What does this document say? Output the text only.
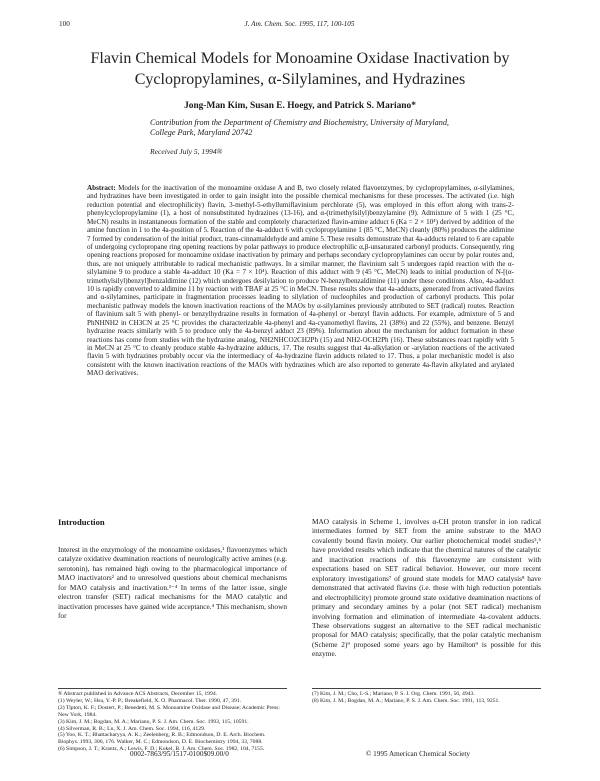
100	J. Am. Chem. Soc. 1995, 117, 100-105
Flavin Chemical Models for Monoamine Oxidase Inactivation by Cyclopropylamines, α-Silylamines, and Hydrazines
Jong-Man Kim, Susan E. Hoegy, and Patrick S. Mariano*
Contribution from the Department of Chemistry and Biochemistry, University of Maryland, College Park, Maryland 20742
Received July 5, 1994®
Abstract: Models for the inactivation of the monoamine oxidase A and B, two closely related flavoenzymes, by cyclopropylamines, α-silylamines, and hydrazines have been investigated in order to gain insight into the possible chemical mechanisms for these processes. The activated (i.e. high reduction potential and electrophilicity) flavin, 3-methyl-5-ethyllumiflavinium perchlorate (5), was employed in this effort along with trans-2-phenylcyclopropylamine (1), a host of nonsubstituted hydrazines (13-16), and α-(trimethylsilyl)benzylamine (9). Admixture of 5 with 1 (25 °C, MeCN) results in instantaneous formation of the stable and completely characterized flavin-amine adduct 6 (Ka = 2 × 10⁴) derived by addition of the amine function in 1 to the 4a-position of 5. Reaction of the 4a-adduct 6 with cyclopropylamine 1 (85 °C, MeCN) cleanly (80%) produces the aldimine 7 formed by condensation of the initial product, trans-cinnamaldehyde and amine 5. These results demonstrate that 4a-adducts related to 6 are capable of undergoing cyclopropane ring opening reactions by polar pathways to produce electrophilic α,β-unsaturated carbonyl products. Consequently, ring opening reactions proposed for monoamine oxidase inactivation by primary and perhaps secondary cyclopropylamines can occur by polar routes and, thus, are not uniquely attributable to radical mechanistic pathways. In a similar manner, the flavinium salt 5 undergoes rapid reaction with the α-silylamine 9 to produce a stable 4a-adduct 10 (Ka = 7 × 10⁴). Reaction of this adduct with 9 (45 °C, MeCN) leads to initial production of N-[(α-trimethylsilyl)benzyl]benzaldimine (12) which undergoes desilylation to produce N-benzylbenzaldimine (11) under these conditions. Also, 4a-adduct 10 is rapidly converted to aldimine 11 by reaction with TBAF at 25 °C in MeCN. These results show that 4a-adducts, generated from activated flavins and α-silylamines, participate in fragmentation processes leading to silylation of nucleophiles and production of carbonyl products. This polar mechanistic pathway models the known inactivation reactions of the MAOs by α-silylamines previously attributed to SET (radical) routes. Reaction of flavinium salt 5 with phenyl- or benzylhydrazine results in formation of 4a-phenyl or -benzyl flavin adducts. For example, admixture of 5 and PhNHNH2 in CH3CN at 25 °C provides the characterizable 4a-phenyl and 4a-cyanomethyl flavins, 21 (38%) and 22 (55%), and benzene. Benzyl hydrazine reacts similarly with 5 to produce only the 4a-benzyl adduct 23 (89%). Information about the mechanism for adduct formation in these reactions has come from studies with the hydrazine analog, NH2NHCO2CH2Ph (15) and NH2-OCH2Ph (16). These substances react rapidly with 5 in MeCN at 25 °C to cleanly produce stable 4a-hydrazine adducts, 17. The results suggest that 4a-alkylation or -arylation reactions of the activated flavin 5 with hydrazines probably occur via the intermediacy of 4a-hydrazine flavin adducts related to 17. Thus, a polar mechanistic model is also consistent with the known inactivation reactions of the MAOs with hydrazines which are also reported to generate 4a-flavin alkylated and arylated MAO derivatives.
Introduction

Interest in the enzymology of the monoamine oxidases,¹ flavoenzymes which catalyze oxidative deamination reactions of neurologically active amines (e.g. serotonin), has remained high owing to the pharmacological importance of MAO inactivators² and to unresolved questions about chemical mechanisms for MAO catalysis and inactivation.²⁻⁴ In terms of the latter issue, single electron transfer (SET) radical mechanisms for the MAO catalytic and inactivation processes have gained wide acceptance.⁴ This mechanism, shown for

MAO catalysis in Scheme 1, involves α-CH proton transfer in ion radical intermediates formed by SET from the amine substrate to the MAO covalently bound flavin moiety. Our earlier photochemical model studies⁵,⁶ have provided results which indicate that the chemical natures of the catalytic and inactivation reactions of this flavoenzyme are consistent with expectations based on SET radical behavior. However, our more recent exploratory investigations⁷ of ground state models for MAO catalysis⁸ have demonstrated that activated flavins (i.e. those with high reduction potentials and electrophilicity) promote ground state oxidative deamination reactions of primary and secondary amines by a polar (not SET radical) mechanism involving formation and elimination of intermediate 4a-covalent adducts. These observations suggest an alternative to the SET radical mechanistic proposal for MAO catalysis; specifically, that the polar catalytic mechanism (Scheme 2)⁹ proposed some years ago by Hamilton⁹ is possible for this enzyme.

® Abstract published in Advance ACS Abstracts, December 15, 1994.

(1) Weyler, W.; Hsu, Y.-P. P.; Breakefield, X. O. Pharmacol. Ther. 1990, 47, 391.

(2) Tipton, K. F.; Dostert, P.; Benedetti, M. S. Monoamine Oxidase and Disease; Academic Press: New York, 1984.

(3) Kim, J. M.; Bogdan, M. A.; Mariano, P. S. J. Am. Chem. Soc. 1993, 115, 10591.

(4) Silverman, R. B.; Lu, X. J. Am. Chem. Soc. 1994, 116, 4129.

(5) Yoo, K. T.; Bhattacharyya, A. K.; Zeelenberg, R. B.; Edmondson, D. E. Arch. Biochem. Biophys. 1993, 306, 176. Walker, M. C.; Edmondson, D. E. Biochemistry 1994, 33, 7088.

(6) Simpson, J. T.; Krantz, A.; Lewis, F. D.; Kokel, B. J. Am. Chem. Soc. 1982, 104, 7155.

(7) Kim, J. M.; Cho, I.-S.; Mariano, P. S. J. Org. Chem. 1991, 56, 4943.

(8) Kim, J. M.; Bogdan, M. A.; Mariano, P. S. J. Am. Chem. Soc. 1991, 113, 9251.

0002-7863/95/1517-0100$09.00/0	© 1995 American Chemical Society
